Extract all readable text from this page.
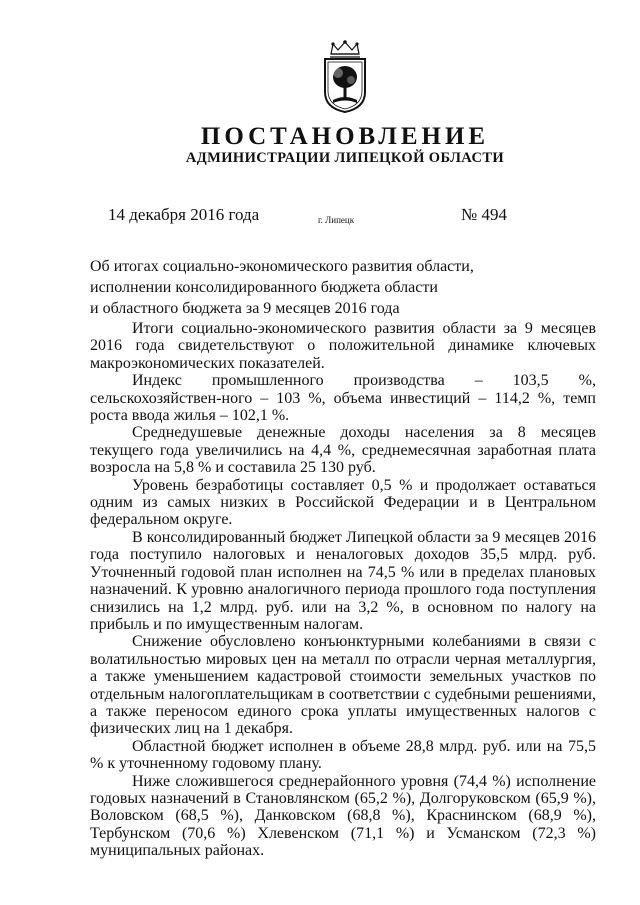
ПОСТАНОВЛЕНИЕ
АДМИНИСТРАЦИИ ЛИПЕЦКОЙ ОБЛАСТИ
14 декабря 2016 года	г. Липецк	№ 494
Об итогах социально-экономического развития области,
исполнении консолидированного бюджета области
и областного бюджета за 9 месяцев 2016 года

Итоги социально-экономического развития области за 9 месяцев 2016 года свидетельствуют о положительной динамике ключевых макроэкономических показателей.

Индекс промышленного производства – 103,5 %, сельскохозяйствен-ного – 103 %, объема инвестиций – 114,2 %, темп роста ввода жилья – 102,1 %.

Среднедушевые денежные доходы населения за 8 месяцев текущего года увеличились на 4,4 %, среднемесячная заработная плата возросла на 5,8 % и составила 25 130 руб.

Уровень безработицы составляет 0,5 % и продолжает оставаться одним из самых низких в Российской Федерации и в Центральном федеральном округе.

В консолидированный бюджет Липецкой области за 9 месяцев 2016 года поступило налоговых и неналоговых доходов 35,5 млрд. руб. Уточненный годовой план исполнен на 74,5 % или в пределах плановых назначений. К уровню аналогичного периода прошлого года поступления снизились на 1,2 млрд. руб. или на 3,2 %, в основном по налогу на прибыль и по имущественным налогам.

Снижение обусловлено конъюнктурными колебаниями в связи с волатильностью мировых цен на металл по отрасли черная металлургия, а также уменьшением кадастровой стоимости земельных участков по отдельным налогоплательщикам в соответствии с судебными решениями, а также переносом единого срока уплаты имущественных налогов с физических лиц на 1 декабря.

Областной бюджет исполнен в объеме 28,8 млрд. руб. или на 75,5 % к уточненному годовому плану.

Ниже сложившегося среднерайонного уровня (74,4 %) исполнение годовых назначений в Становлянском (65,2 %), Долгоруковском (65,9 %), Воловском (68,5 %), Данковском (68,8 %), Краснинском (68,9 %), Тербунском (70,6 %) Хлевенском (71,1 %) и Усманском (72,3 %) муниципальных районах.
